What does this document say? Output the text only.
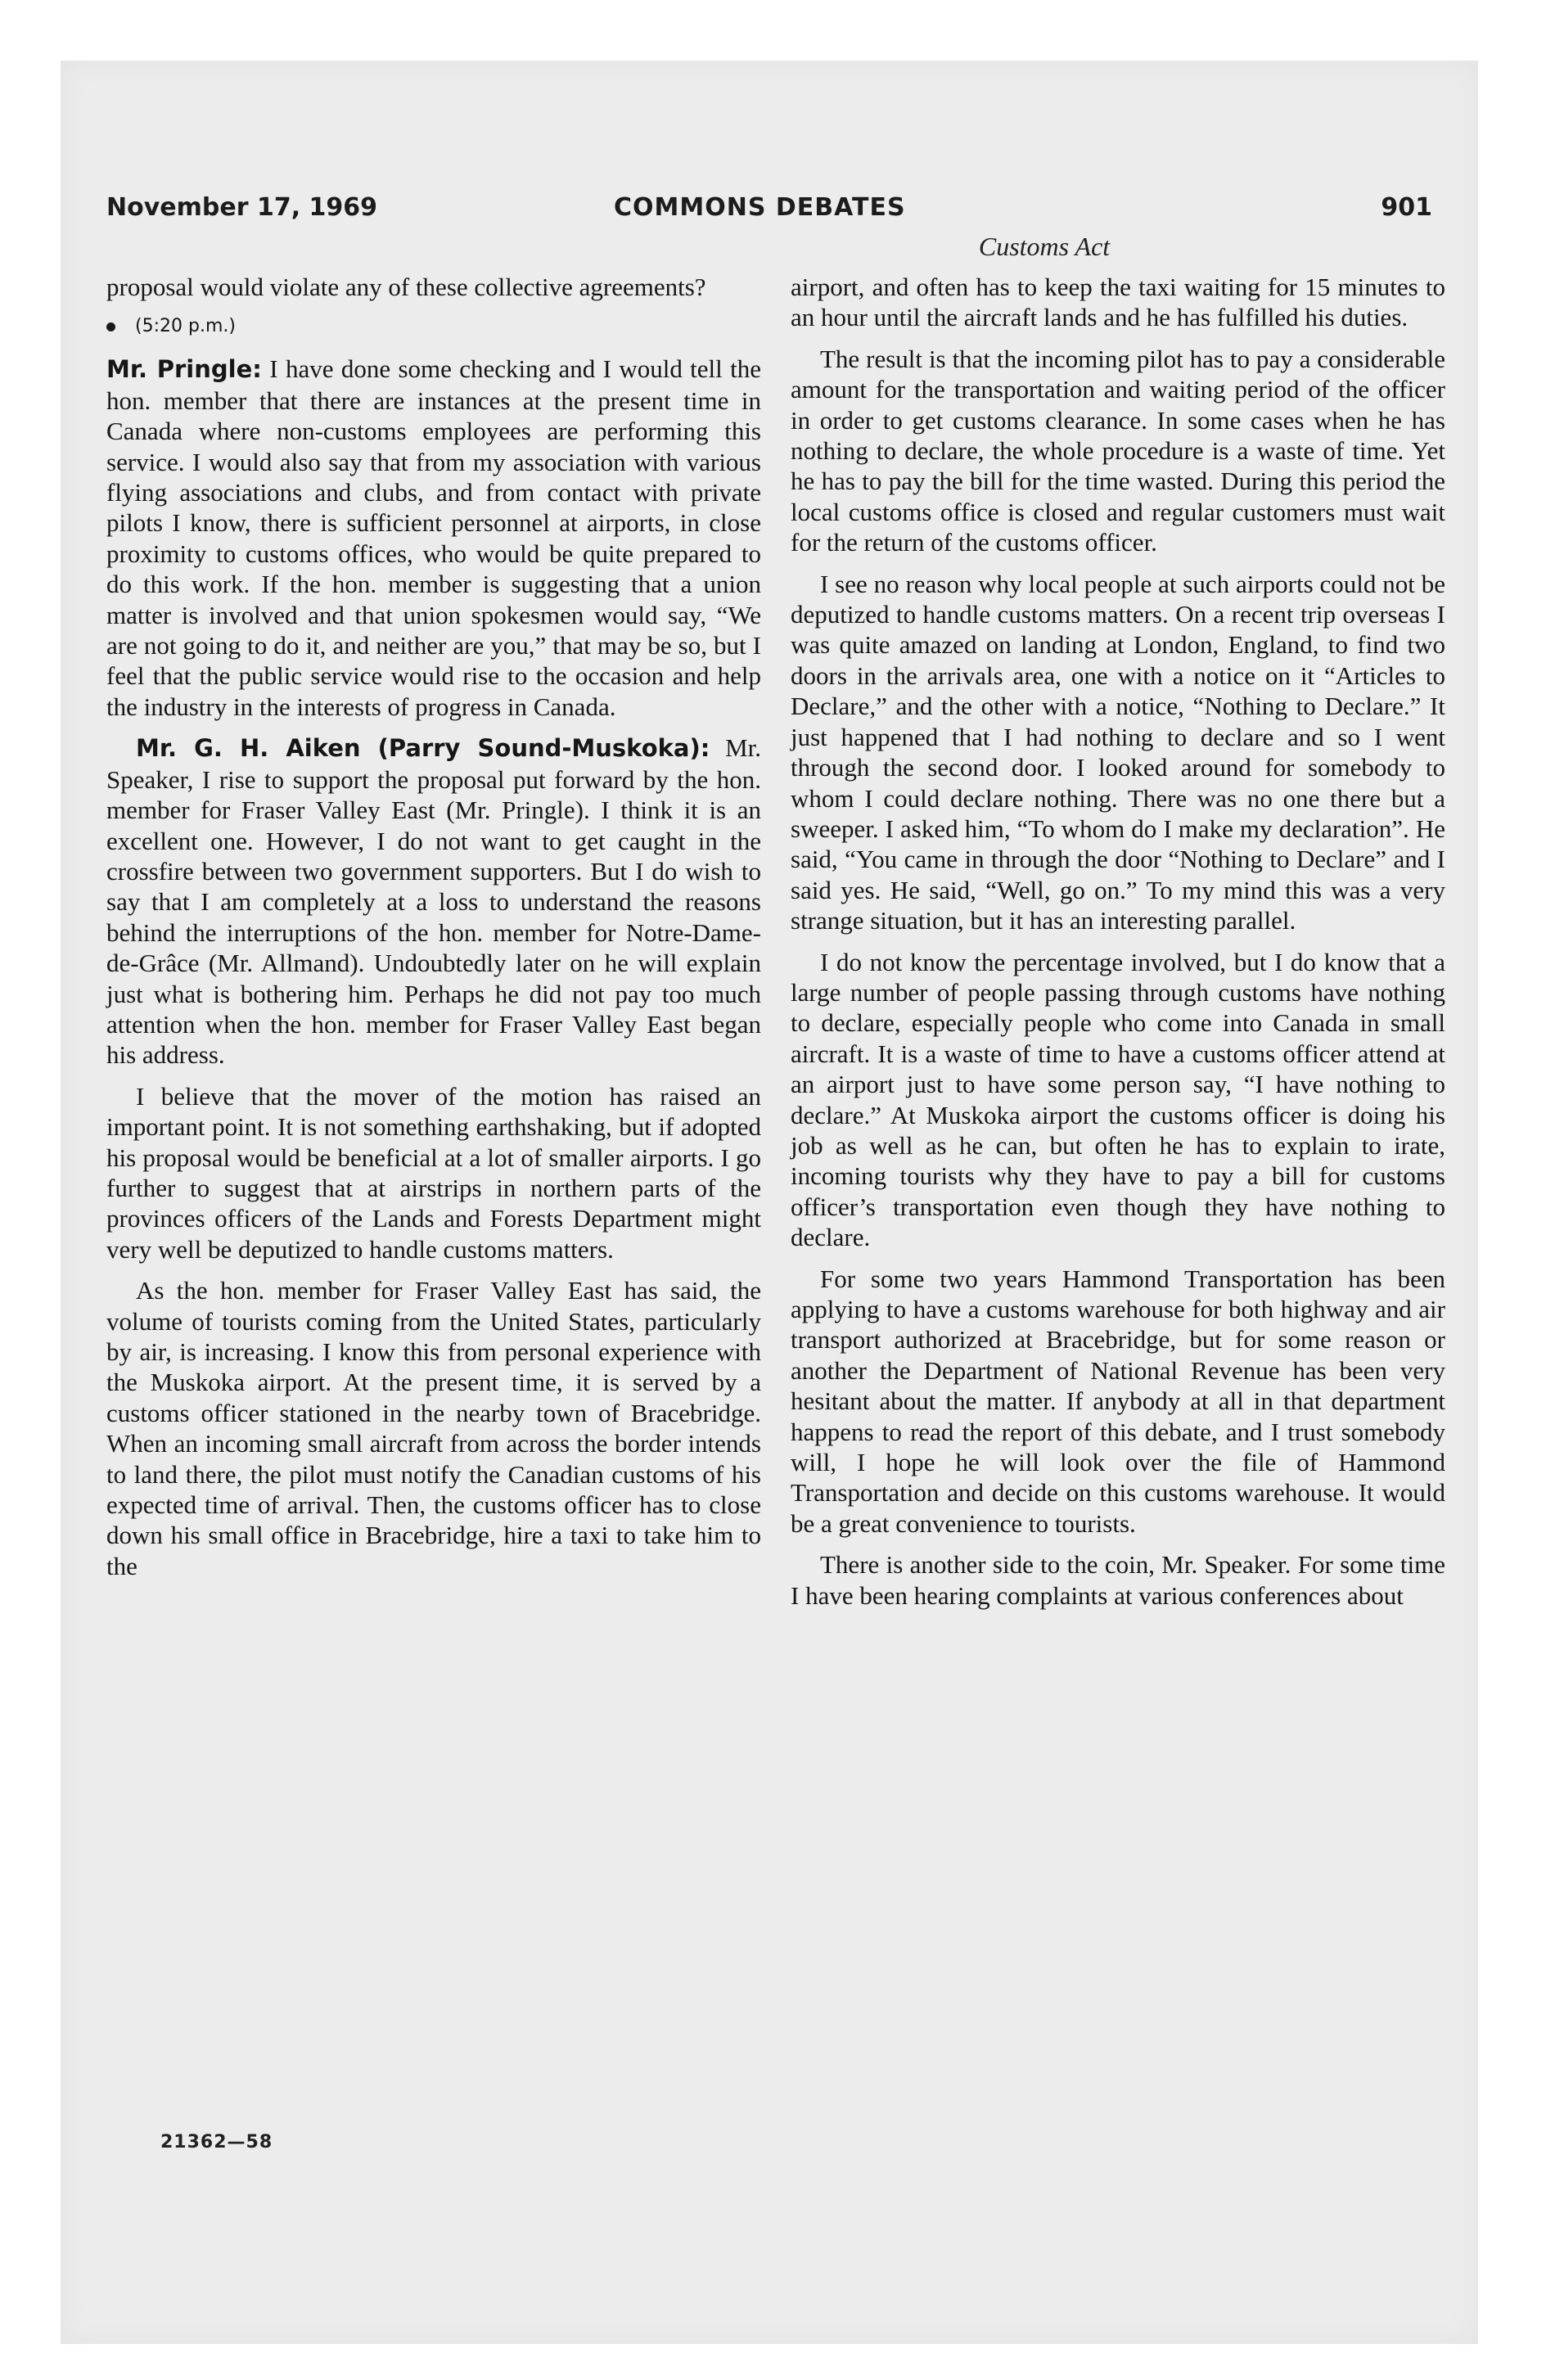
November 17, 1969	COMMONS DEBATES	901
Customs Act

proposal would violate any of these collective agreements?

(5:20 p.m.)

Mr. Pringle: I have done some checking and I would tell the hon. member that there are instances at the present time in Canada where non-customs employees are performing this service. I would also say that from my association with various flying associations and clubs, and from contact with private pilots I know, there is sufficient personnel at airports, in close proximity to customs offices, who would be quite prepared to do this work. If the hon. member is suggesting that a union matter is involved and that union spokesmen would say, “We are not going to do it, and neither are you,” that may be so, but I feel that the public service would rise to the occasion and help the industry in the interests of progress in Canada.

Mr. G. H. Aiken (Parry Sound-Muskoka): Mr. Speaker, I rise to support the proposal put forward by the hon. member for Fraser Valley East (Mr. Pringle). I think it is an excellent one. However, I do not want to get caught in the crossfire between two government supporters. But I do wish to say that I am completely at a loss to understand the reasons behind the interruptions of the hon. member for Notre-Dame-de-Grâce (Mr. Allmand). Undoubtedly later on he will explain just what is bothering him. Perhaps he did not pay too much attention when the hon. member for Fraser Valley East began his address.

I believe that the mover of the motion has raised an important point. It is not something earthshaking, but if adopted his proposal would be beneficial at a lot of smaller airports. I go further to suggest that at airstrips in northern parts of the provinces officers of the Lands and Forests Department might very well be deputized to handle customs matters.

As the hon. member for Fraser Valley East has said, the volume of tourists coming from the United States, particularly by air, is increasing. I know this from personal experience with the Muskoka airport. At the present time, it is served by a customs officer stationed in the nearby town of Bracebridge. When an incoming small aircraft from across the border intends to land there, the pilot must notify the Canadian customs of his expected time of arrival. Then, the customs officer has to close down his small office in Bracebridge, hire a taxi to take him to the

airport, and often has to keep the taxi waiting for 15 minutes to an hour until the aircraft lands and he has fulfilled his duties.

The result is that the incoming pilot has to pay a considerable amount for the transportation and waiting period of the officer in order to get customs clearance. In some cases when he has nothing to declare, the whole procedure is a waste of time. Yet he has to pay the bill for the time wasted. During this period the local customs office is closed and regular customers must wait for the return of the customs officer.

I see no reason why local people at such airports could not be deputized to handle customs matters. On a recent trip overseas I was quite amazed on landing at London, England, to find two doors in the arrivals area, one with a notice on it “Articles to Declare,” and the other with a notice, “Nothing to Declare.” It just happened that I had nothing to declare and so I went through the second door. I looked around for somebody to whom I could declare nothing. There was no one there but a sweeper. I asked him, “To whom do I make my declaration”. He said, “You came in through the door “Nothing to Declare” and I said yes. He said, “Well, go on.” To my mind this was a very strange situation, but it has an interesting parallel.

I do not know the percentage involved, but I do know that a large number of people passing through customs have nothing to declare, especially people who come into Canada in small aircraft. It is a waste of time to have a customs officer attend at an airport just to have some person say, “I have nothing to declare.” At Muskoka airport the customs officer is doing his job as well as he can, but often he has to explain to irate, incoming tourists why they have to pay a bill for customs officer’s transportation even though they have nothing to declare.

For some two years Hammond Transportation has been applying to have a customs warehouse for both highway and air transport authorized at Bracebridge, but for some reason or another the Department of National Revenue has been very hesitant about the matter. If anybody at all in that department happens to read the report of this debate, and I trust somebody will, I hope he will look over the file of Hammond Transportation and decide on this customs warehouse. It would be a great convenience to tourists.

There is another side to the coin, Mr. Speaker. For some time I have been hearing complaints at various conferences about

21362—58
